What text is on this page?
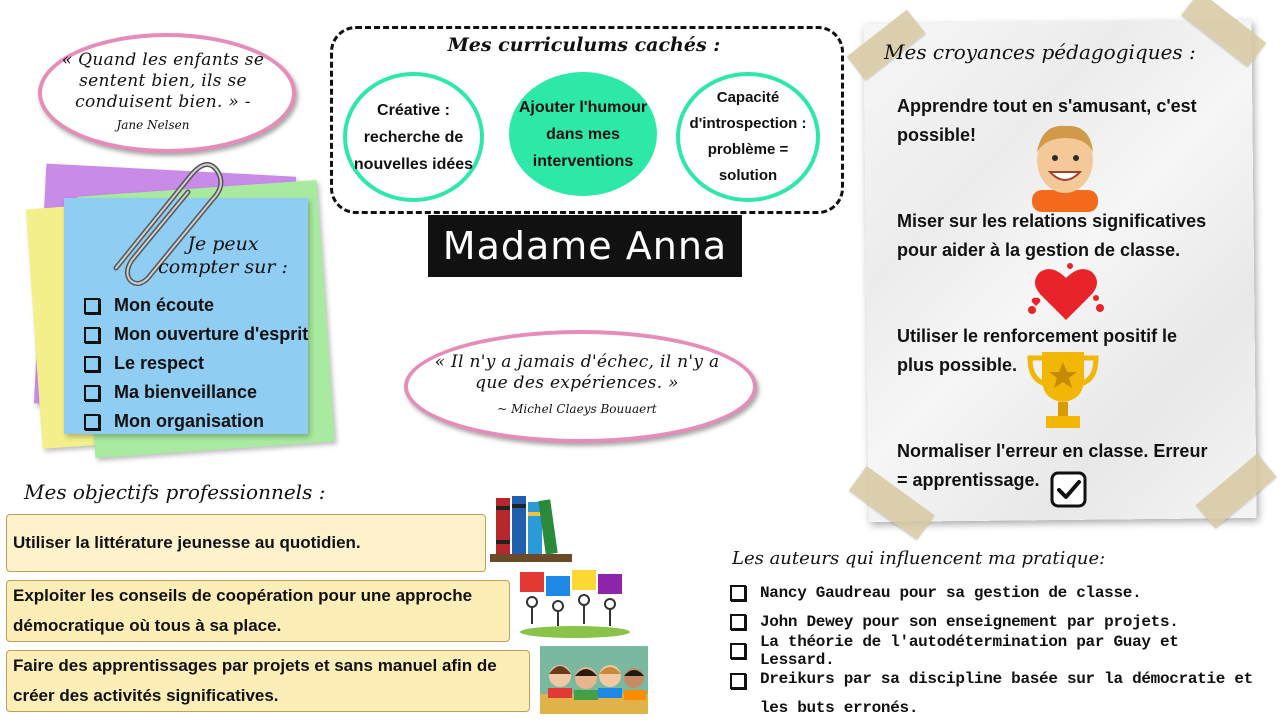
« Quand les enfants se sentent bien, ils se conduisent bien. » -
Jane Nelsen
Mes curriculums cachés :
Créative : recherche de nouvelles idées
Ajouter l'humour dans mes interventions
Capacité d'introspection : problème = solution
Madame Anna
Je peux compter sur :
Mon écoute
Mon ouverture d'esprit
Le respect
Ma bienveillance
Mon organisation
« Il n'y a jamais d'échec, il n'y a que des expériences. »
~ Michel Claeys Bouuaert
Mes objectifs professionnels :
Utiliser la littérature jeunesse au quotidien.
Exploiter les conseils de coopération pour une approche démocratique où tous à sa place.
Faire des apprentissages par projets et sans manuel afin de créer des activités significatives.
Mes croyances pédagogiques :
Apprendre tout en s'amusant, c'est possible!
Miser sur les relations significatives pour aider à la gestion de classe.
Utiliser le renforcement positif le plus possible.
Normaliser l'erreur en classe. Erreur = apprentissage.
Les auteurs qui influencent ma pratique:
Nancy Gaudreau pour sa gestion de classe.
John Dewey pour son enseignement par projets.
La théorie de l'autodétermination par Guay et Lessard.
Dreikurs par sa discipline basée sur la démocratie et les buts erronés.
